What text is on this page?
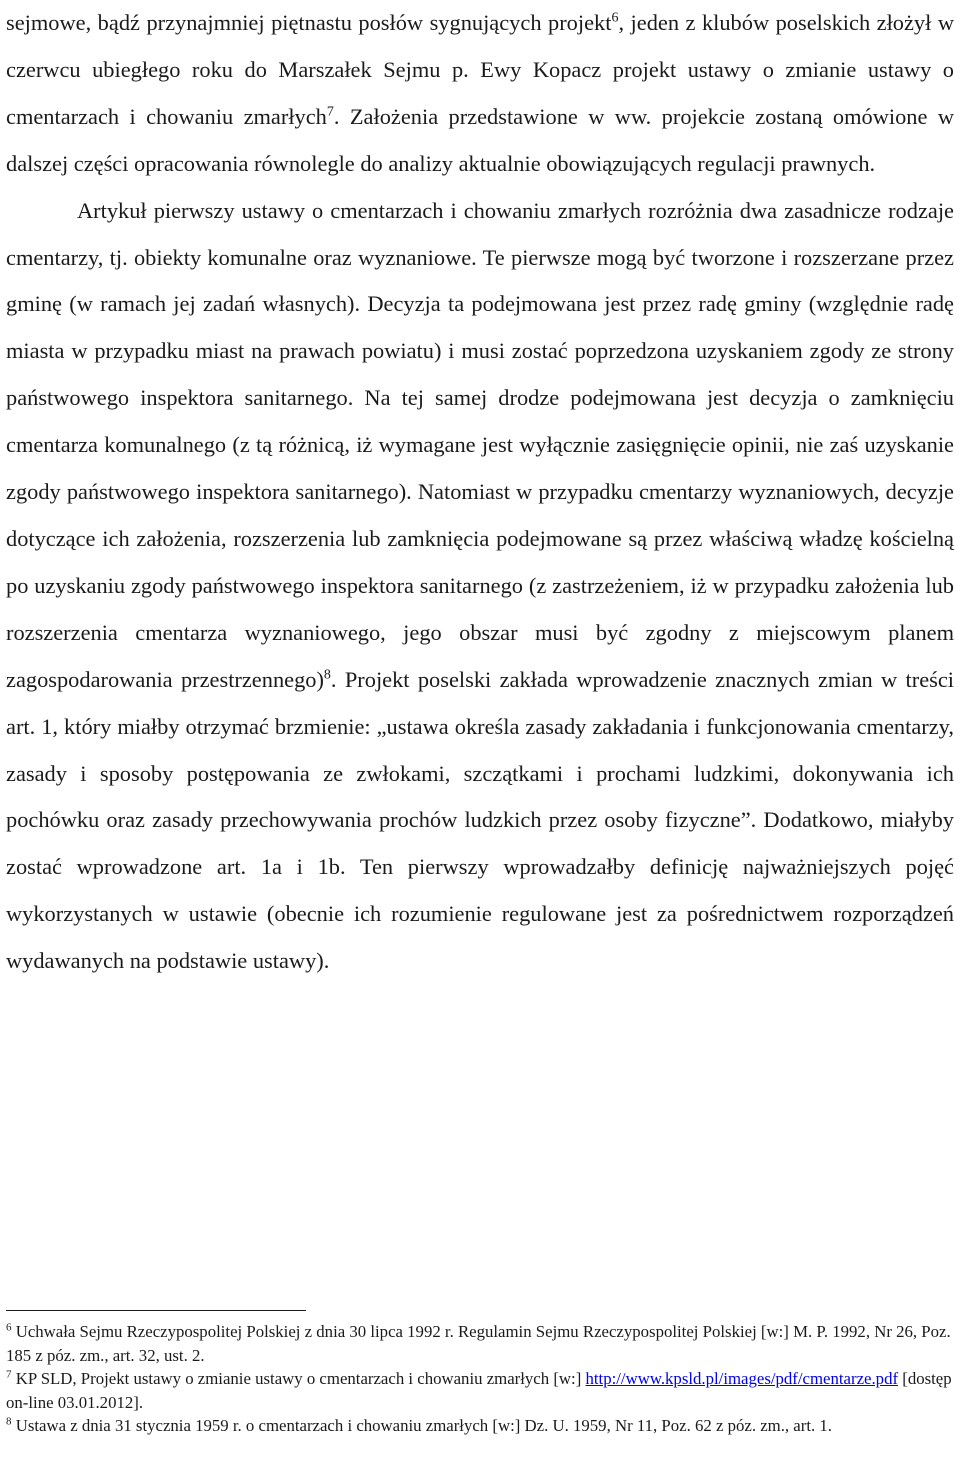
sejmowe, bądź przynajmniej piętnastu posłów sygnujących projekt$^6$, jeden z klubów poselskich złożył w czerwcu ubiegłego roku do Marszałek Sejmu p. Ewy Kopacz projekt ustawy o zmianie ustawy o cmentarzach i chowaniu zmarłych$^7$. Założenia przedstawione w ww. projekcie zostaną omówione w dalszej części opracowania równolegle do analizy aktualnie obowiązujących regulacji prawnych.

Artykuł pierwszy ustawy o cmentarzach i chowaniu zmarłych rozróżnia dwa zasadnicze rodzaje cmentarzy, tj. obiekty komunalne oraz wyznaniowe. Te pierwsze mogą być tworzone i rozszerzane przez gminę (w ramach jej zadań własnych). Decyzja ta podejmowana jest przez radę gminy (względnie radę miasta w przypadku miast na prawach powiatu) i musi zostać poprzedzona uzyskaniem zgody ze strony państwowego inspektora sanitarnego. Na tej samej drodze podejmowana jest decyzja o zamknięciu cmentarza komunalnego (z tą różnicą, iż wymagane jest wyłącznie zasięgnięcie opinii, nie zaś uzyskanie zgody państwowego inspektora sanitarnego). Natomiast w przypadku cmentarzy wyznaniowych, decyzje dotyczące ich założenia, rozszerzenia lub zamknięcia podejmowane są przez właściwą władzę kościelną po uzyskaniu zgody państwowego inspektora sanitarnego (z zastrzeżeniem, iż w przypadku założenia lub rozszerzenia cmentarza wyznaniowego, jego obszar musi być zgodny z miejscowym planem zagospodarowania przestrzennego)$^8$. Projekt poselski zakłada wprowadzenie znacznych zmian w treści art. 1, który miałby otrzymać brzmienie: „ustawa określa zasady zakładania i funkcjonowania cmentarzy, zasady i sposoby postępowania ze zwłokami, szczątkami i prochami ludzkimi, dokonywania ich pochówku oraz zasady przechowywania prochów ludzkich przez osoby fizyczne”. Dodatkowo, miałyby zostać wprowadzone art. 1a i 1b. Ten pierwszy wprowadzałby definicję najważniejszych pojęć wykorzystanych w ustawie (obecnie ich rozumienie regulowane jest za pośrednictwem rozporządzeń wydawanych na podstawie ustawy).

$^6$ Uchwała Sejmu Rzeczypospolitej Polskiej z dnia 30 lipca 1992 r. Regulamin Sejmu Rzeczypospolitej Polskiej [w:] M. P. 1992, Nr 26, Poz. 185 z póz. zm., art. 32, ust. 2.

$^7$ KP SLD, Projekt ustawy o zmianie ustawy o cmentarzach i chowaniu zmarłych [w:] http://www.kpsld.pl/images/pdf/cmentarze.pdf [dostęp on-line 03.01.2012].

$^8$ Ustawa z dnia 31 stycznia 1959 r. o cmentarzach i chowaniu zmarłych [w:] Dz. U. 1959, Nr 11, Poz. 62 z póz. zm., art. 1.
